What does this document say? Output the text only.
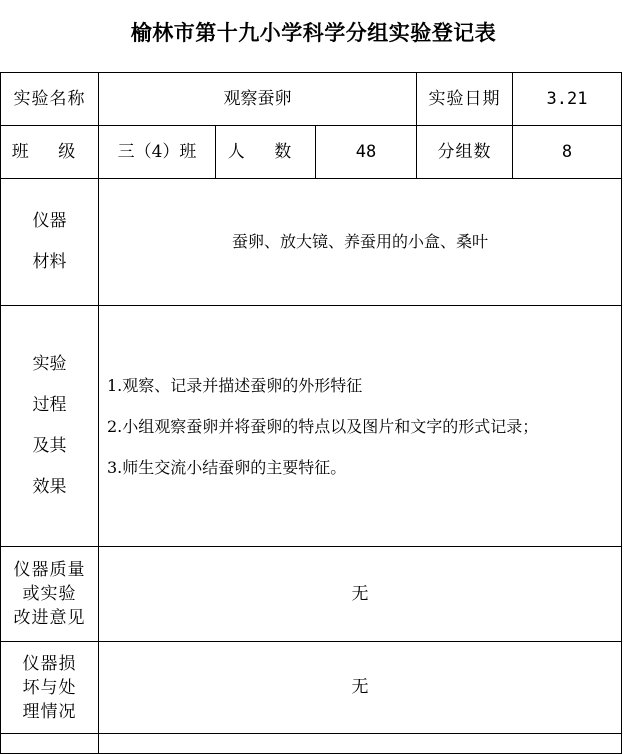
榆林市第十九小学科学分组实验登记表
实验名称	观察蚕卵			实验日期	3.21
班 级	三（4）班	人 数	48	分组数	8

仪器
材料	蚕卵、放大镜、养蚕用的小盒、桑叶				

实验
过程
及其
效果	1.观察、记录并描述蚕卵的外形特征
2.小组观察蚕卵并将蚕卵的特点以及图片和文字的形式记录；
3.师生交流小结蚕卵的主要特征。				

仪器质量
或实验
改进意见	无				

仪器损
坏与处
理情况	无				
